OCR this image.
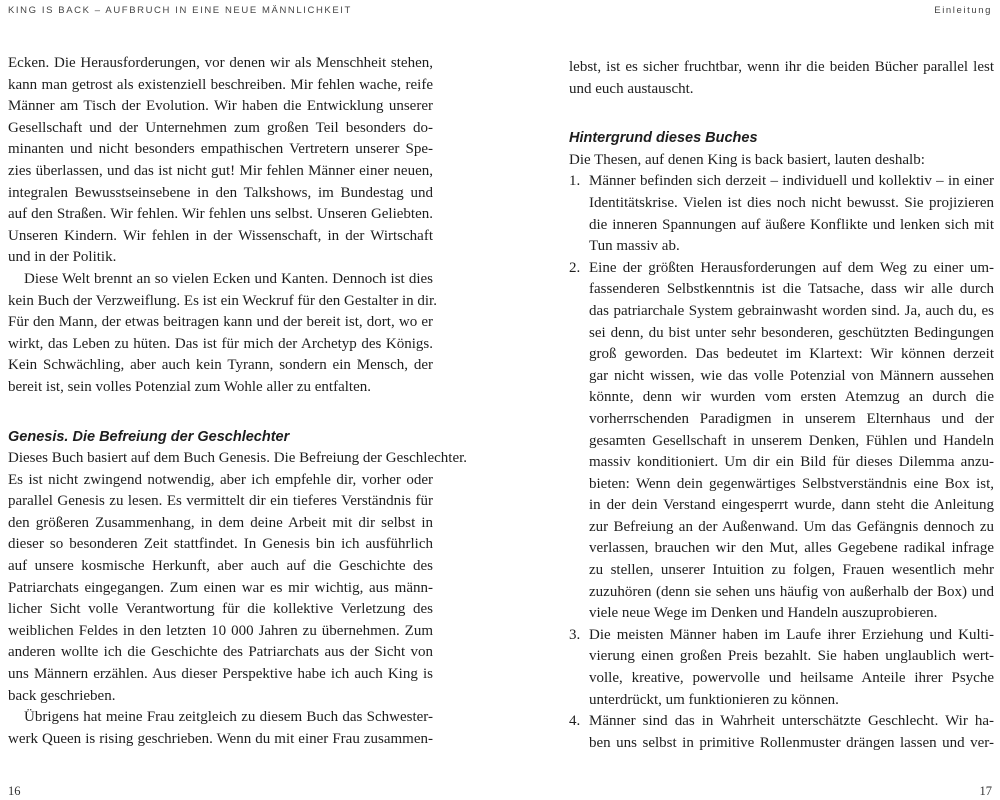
KING IS BACK – AUFBRUCH IN EINE NEUE MÄNNLICHKEIT
Ecken. Die Herausforderungen, vor denen wir als Menschheit stehen,
kann man getrost als existenziell beschreiben. Mir fehlen wache, reife
Männer am Tisch der Evolution. Wir haben die Entwicklung unserer
Gesellschaft und der Unternehmen zum großen Teil besonders do-
minanten und nicht besonders empathischen Vertretern unserer Spe-
zies überlassen, und das ist nicht gut! Mir fehlen Männer einer neuen,
integralen Bewusstseinsebene in den Talkshows, im Bundestag und
auf den Straßen. Wir fehlen. Wir fehlen uns selbst. Unseren Geliebten.
Unseren Kindern. Wir fehlen in der Wissenschaft, in der Wirtschaft
und in der Politik.
Diese Welt brennt an so vielen Ecken und Kanten. Dennoch ist dies
kein Buch der Verzweiflung. Es ist ein Weckruf für den Gestalter in dir.
Für den Mann, der etwas beitragen kann und der bereit ist, dort, wo er
wirkt, das Leben zu hüten. Das ist für mich der Archetyp des Königs.
Kein Schwächling, aber auch kein Tyrann, sondern ein Mensch, der
bereit ist, sein volles Potenzial zum Wohle aller zu entfalten.
Genesis. Die Befreiung der Geschlechter
Dieses Buch basiert auf dem Buch Genesis. Die Befreiung der Geschlechter.
Es ist nicht zwingend notwendig, aber ich empfehle dir, vorher oder
parallel Genesis zu lesen. Es vermittelt dir ein tieferes Verständnis für
den größeren Zusammenhang, in dem deine Arbeit mit dir selbst in
dieser so besonderen Zeit stattfindet. In Genesis bin ich ausführlich
auf unsere kosmische Herkunft, aber auch auf die Geschichte des
Patriarchats eingegangen. Zum einen war es mir wichtig, aus männ-
licher Sicht volle Verantwortung für die kollektive Verletzung des
weiblichen Feldes in den letzten 10 000 Jahren zu übernehmen. Zum
anderen wollte ich die Geschichte des Patriarchats aus der Sicht von
uns Männern erzählen. Aus dieser Perspektive habe ich auch King is
back geschrieben.
Übrigens hat meine Frau zeitgleich zu diesem Buch das Schwester-
werk Queen is rising geschrieben. Wenn du mit einer Frau zusammen-
16
Einleitung
lebst, ist es sicher fruchtbar, wenn ihr die beiden Bücher parallel lest
und euch austauscht.
Hintergrund dieses Buches
Die Thesen, auf denen King is back basiert, lauten deshalb:
1. Männer befinden sich derzeit – individuell und kollektiv – in einer
Identitätskrise. Vielen ist dies noch nicht bewusst. Sie projizieren
die inneren Spannungen auf äußere Konflikte und lenken sich mit
Tun massiv ab.
2. Eine der größten Herausforderungen auf dem Weg zu einer um-
fassenderen Selbstkenntnis ist die Tatsache, dass wir alle durch
das patriarchale System gebrainwasht worden sind. Ja, auch du, es
sei denn, du bist unter sehr besonderen, geschützten Bedingungen
groß geworden. Das bedeutet im Klartext: Wir können derzeit
gar nicht wissen, wie das volle Potenzial von Männern aussehen
könnte, denn wir wurden vom ersten Atemzug an durch die
vorherrschenden Paradigmen in unserem Elternhaus und der
gesamten Gesellschaft in unserem Denken, Fühlen und Handeln
massiv konditioniert. Um dir ein Bild für dieses Dilemma anzu-
bieten: Wenn dein gegenwärtiges Selbstverständnis eine Box ist,
in der dein Verstand eingesperrt wurde, dann steht die Anleitung
zur Befreiung an der Außenwand. Um das Gefängnis dennoch zu
verlassen, brauchen wir den Mut, alles Gegebene radikal infrage
zu stellen, unserer Intuition zu folgen, Frauen wesentlich mehr
zuzuhören (denn sie sehen uns häufig von außerhalb der Box) und
viele neue Wege im Denken und Handeln auszuprobieren.
3. Die meisten Männer haben im Laufe ihrer Erziehung und Kulti-
vierung einen großen Preis bezahlt. Sie haben unglaublich wert-
volle, kreative, powervolle und heilsame Anteile ihrer Psyche
unterdrückt, um funktionieren zu können.
4. Männer sind das in Wahrheit unterschätzte Geschlecht. Wir ha-
ben uns selbst in primitive Rollenmuster drängen lassen und ver-
17
